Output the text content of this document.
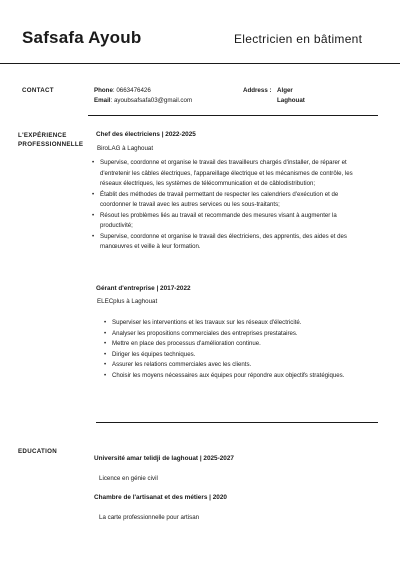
Safsafa Ayoub	Electricien en bâtiment
CONTACT	Phone: 0663476426
Email: ayoubsafsafa03@gmail.com
Address : Alger
Laghouat
L'EXPÉRIENCE
PROFESSIONNELLE
Chef des électriciens | 2022-2025
BiroLAG à Laghouat
• Supervise, coordonne et organise le travail des travailleurs chargés d'installer, de réparer et d'entretenir les câbles électriques, l'appareillage électrique et les mécanismes de contrôle, les réseaux électriques, les systèmes de télécommunication et de câblodistribution;
• Établit des méthodes de travail permettant de respecter les calendriers d'exécution et de coordonner le travail avec les autres services ou les sous-traitants;
• Résout les problèmes liés au travail et recommande des mesures visant à augmenter la productivité;
• Supervise, coordonne et organise le travail des électriciens, des apprentis, des aides et des manœuvres et veille à leur formation.
Gérant d'entreprise | 2017-2022
ELECplus à Laghouat
• Superviser les interventions et les travaux sur les réseaux d'électricité.
• Analyser les propositions commerciales des entreprises prestataires.
• Mettre en place des processus d'amélioration continue.
• Diriger les équipes techniques.
• Assurer les relations commerciales avec les clients.
• Choisir les moyens nécessaires aux équipes pour répondre aux objectifs stratégiques.
EDUCATION
Université amar telidji de laghouat | 2025-2027
Licence en génie civil
Chambre de l'artisanat et des métiers | 2020
La carte professionnelle pour artisan
